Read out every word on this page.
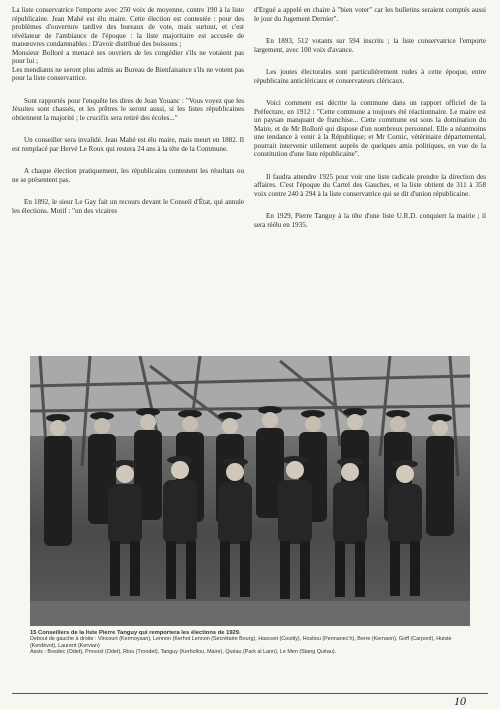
La liste conservatrice l'emporte avec 250 voix de moyenne, contre 190 à la liste républicaine. Jean Mahé est élu maire. Cette élection est contestée : pour des problèmes d'ouverture tardive des bureaux de vote, mais surtout, et c'est révélateur de l'ambiance de l'époque : la liste majoritaire est accusée de manœuvres condamnables : D'avoir distribué des boissons ;

Monsieur Bolloré a menacé ses ouvriers de les congédier s'ils ne votaient pas pour lui ;

Les mendiants ne seront plus admis au Bureau de Bienfaisance s'ils ne votent pas pour la liste conservatrice.

Sont rapportés pour l'enquête les dires de Jean Youanc : "Vous voyez que les Jésuites sont chassés, et les prêtres le seront aussi, si les listes républicaines obtiennent la majorité ; le crucifix sera retiré des écoles..."

Un conseiller sera invalidé. Jean Mahé est élu maire, mais meurt en 1882. Il est remplacé par Hervé Le Roux qui restera 24 ans à la tête de la Commune.

A chaque élection pratiquement, les républicains contestent les résultats ou ne se présentent pas.

En 1892, le sieur Le Gay fait un recours devant le Conseil d'État, qui annule les élections. Motif : "un des vicaires

d'Ergué a appelé en chaire à "bien voter" car les bulletins seraient comptés aussi le jour du Jugement Dernier".

En 1893, 512 votants sur 594 inscrits ; la liste conservatrice l'emporte largement, avec 100 voix d'avance.

Les joutes électorales sont particulièrement rudes à cette époque, entre républicains anticléricaux et conservateurs cléricaux.

Voici comment est décrite la commune dans un rapport officiel de la Préfecture, en 1912 : "Cette commune a toujours été réactionnaire. Le maire est un paysan manquant de franchise... Cette commune est sous la domination du Maire, et de Mr Bolloré qui dispose d'un nombreux personnel. Elle a néanmoins une tendance à venir à la République; et Mr Cornic, vétérinaire départemental, pourrait intervenir utilement auprès de quelques amis politiques, en vue de la constitution d'une liste républicaine".

Il faudra attendre 1925 pour voir une liste radicale prendre la direction des affaires. C'est l'époque du Cartel des Gauches, et la liste obtient de 311 à 358 voix contre 240 à 294 à la liste conservatrice qui se dit d'union républicaine.

En 1929, Pierre Tanguy à la tête d'une liste U.R.D. conquiert la mairie ; il sera réélu en 1935.

15 Conseillers de la liste Pierre Tanguy qui remportera les élections de 1929.
Debout de gauche à droite : Vincourt (Kermoysan), Lennon (Kerhot Lennon (Secrétaire Bourg), Hascoet (Coutily), Hostiou (Pennanec'h), Berre (Kernaon), Goff (Carpont), Huiste (Kerdévot), Laurent (Kervian)
Assis : Bosdec (Odet), Provost (Odet), Riou (Troodet), Tanguy (Kerhollou, Maire), Quéau (Park al Lann), Le Men (Stang Quéau).
10
